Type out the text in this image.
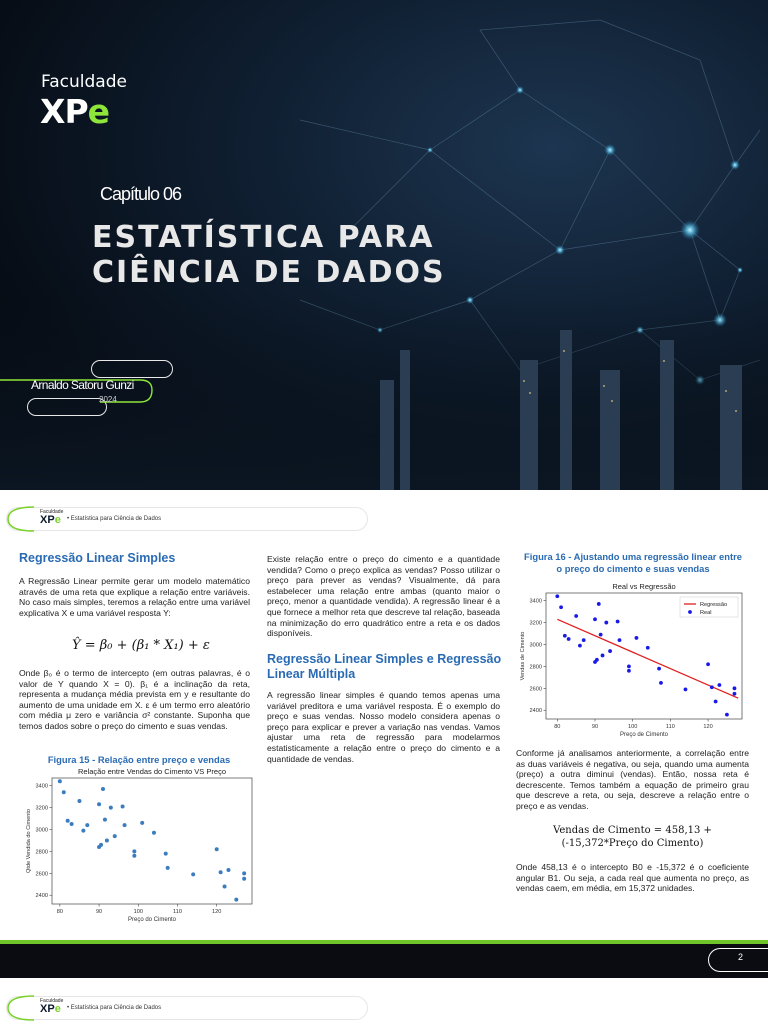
Faculdade
XPe
Capítulo 06
ESTATÍSTICA PARA
CIÊNCIA DE DADOS
Arnaldo Satoru Gunzi
2024
Faculdade
XPe • Estatística para Ciência de Dados
Regressão Linear Simples
A Regressão Linear permite gerar um modelo matemático através de uma reta que explique a relação entre variáveis. No caso mais simples, teremos a relação entre uma variável explicativa X e uma variável resposta Y:
Ŷ = β₀ + (β₁ * X₁) + ε
Onde β₀ é o termo de intercepto (em outras palavras, é o valor de Y quando X = 0). β₁ é a inclinação da reta, representa a mudança média prevista em y e resultante do aumento de uma unidade em X. ε é um termo erro aleatório com média μ zero e variância σ² constante. Suponha que temos dados sobre o preço do cimento e suas vendas.
Figura 15 - Relação entre preço e vendas
Relação entre Vendas do Cimento VS Preço
80	90	100	110	120
2400
2600
2800
3000
3200
3400
Preço do Cimento
Qtde Vendida do Cimento
Existe relação entre o preço do cimento e a quantidade vendida? Como o preço explica as vendas? Posso utilizar o preço para prever as vendas? Visualmente, dá para estabelecer uma relação entre ambas (quanto maior o preço, menor a quantidade vendida). A regressão linear é a que fornece a melhor reta que descreve tal relação, baseada na minimização do erro quadrático entre a reta e os dados disponíveis.
Regressão Linear Simples e Regressão Linear Múltipla
A regressão linear simples é quando temos apenas uma variável preditora e uma variável resposta. É o exemplo do preço e suas vendas. Nosso modelo considera apenas o preço para explicar e prever a variação nas vendas. Vamos ajustar uma reta de regressão para modelarmos estatisticamente a relação entre o preço do cimento e a quantidade de vendas.
Figura 16 - Ajustando uma regressão linear entre
o preço do cimento e suas vendas
Real vs Regressão
80	90	100	110	120
2400
2600
2800
3000
3200
3400
Preço de Cimento
Vendas de Cimento
Regressão
Real
Conforme já analisamos anteriormente, a correlação entre as duas variáveis é negativa, ou seja, quando uma aumenta (preço) a outra diminui (vendas). Então, nossa reta é decrescente. Temos também a equação de primeiro grau que descreve a reta, ou seja, descreve a relação entre o preço e as vendas.
Vendas de Cimento = 458,13 +
(-15,372*Preço do Cimento)
Onde 458,13 é o intercepto B0 e -15,372 é o coeficiente angular B1. Ou seja, a cada real que aumenta no preço, as vendas caem, em média, em 15,372 unidades.
2
Faculdade
XPe • Estatística para Ciência de Dados
